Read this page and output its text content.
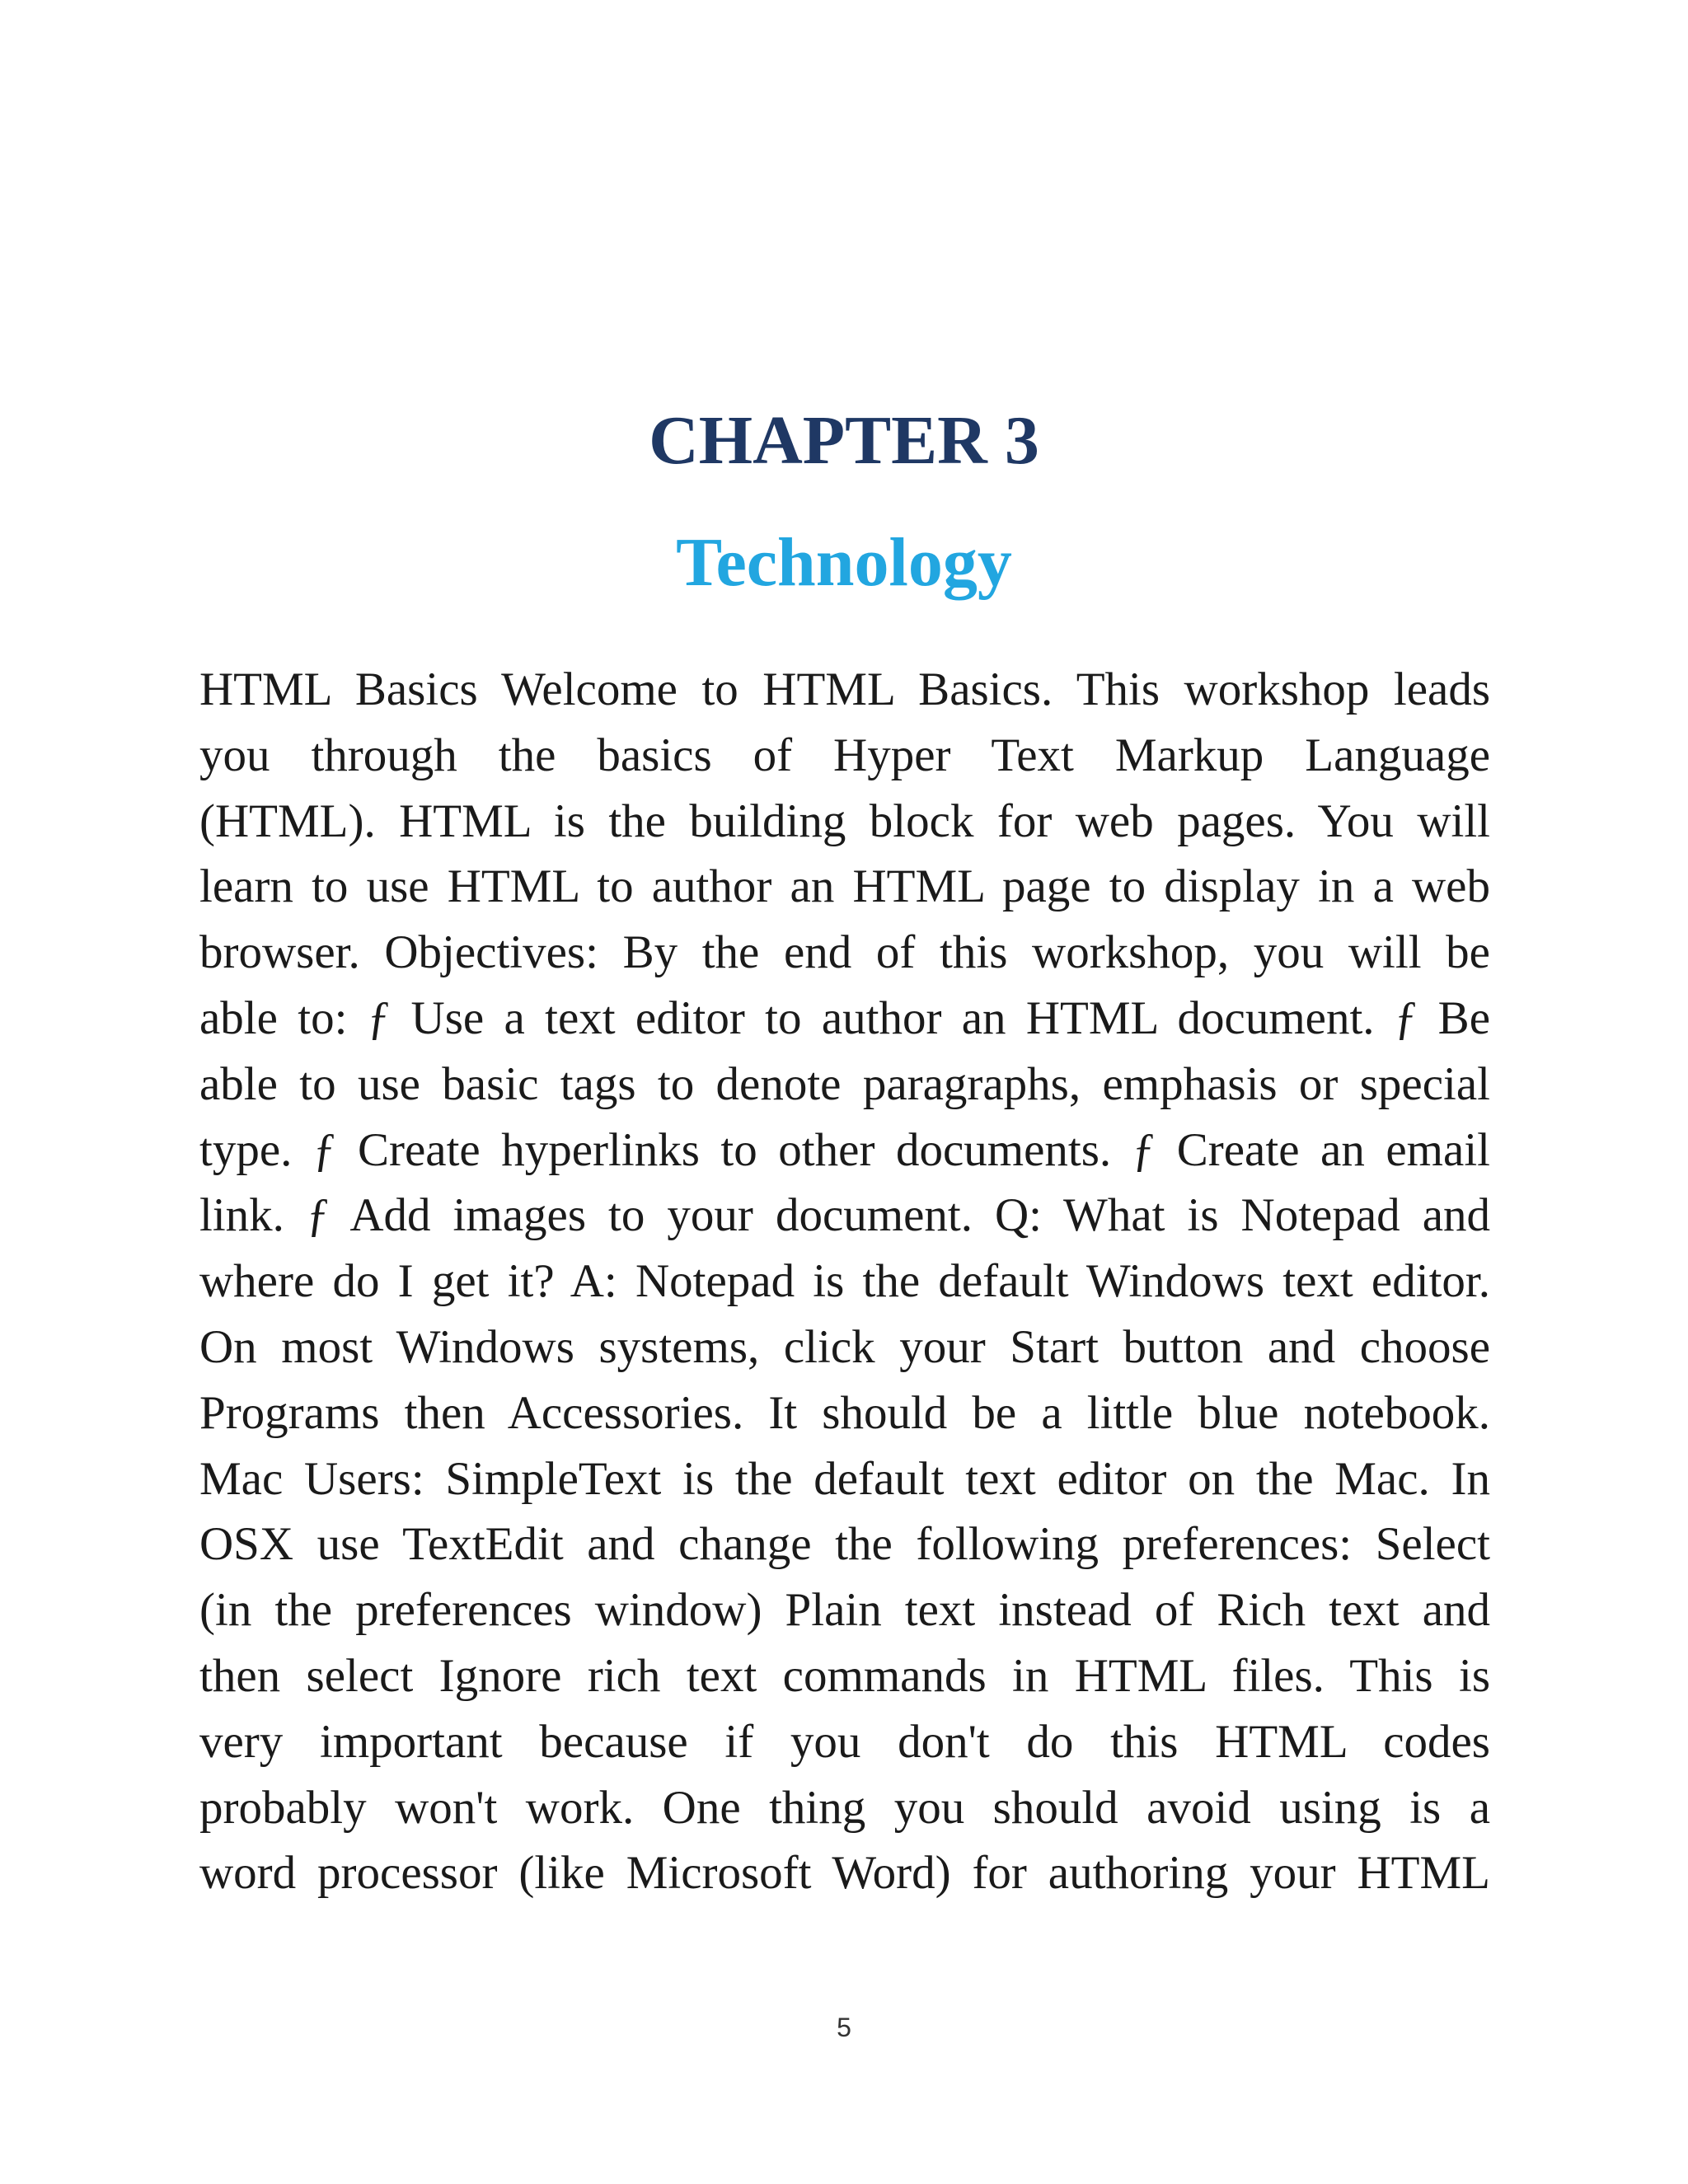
CHAPTER 3
Technology
HTML Basics Welcome to HTML Basics. This workshop leads
you through the basics of Hyper Text Markup Language
(HTML). HTML is the building block for web pages. You will
learn to use HTML to author an HTML page to display in a web
browser. Objectives: By the end of this workshop, you will be
able to: ƒ Use a text editor to author an HTML document. ƒ Be
able to use basic tags to denote paragraphs, emphasis or special
type. ƒ Create hyperlinks to other documents. ƒ Create an email
link. ƒ Add images to your document. Q: What is Notepad and
where do I get it? A: Notepad is the default Windows text editor.
On most Windows systems, click your Start button and choose
Programs then Accessories. It should be a little blue notebook.
Mac Users: SimpleText is the default text editor on the Mac. In
OSX use TextEdit and change the following preferences: Select
(in the preferences window) Plain text instead of Rich text and
then select Ignore rich text commands in HTML files. This is
very important because if you don't do this HTML codes
probably won't work. One thing you should avoid using is a
word processor (like Microsoft Word) for authoring your HTML
5
